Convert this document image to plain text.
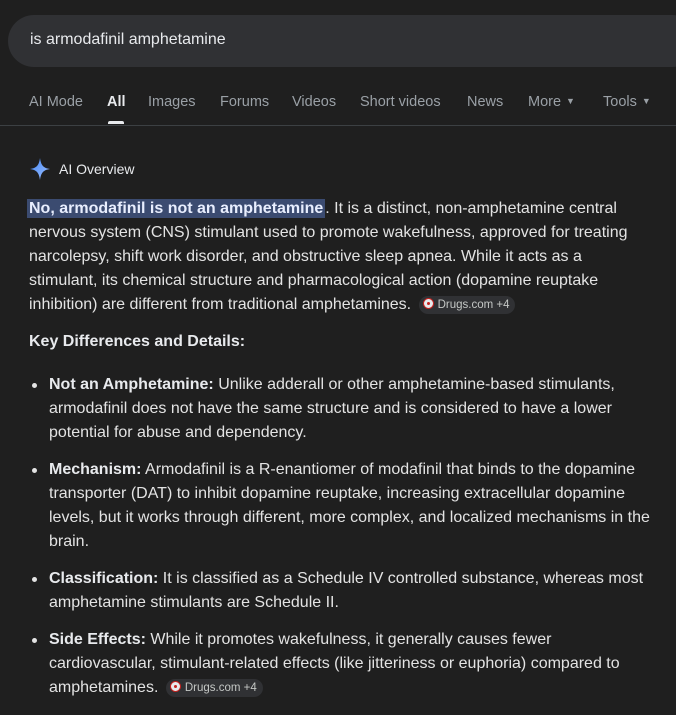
is armodafinil amphetamine
AI Mode All Images Forums Videos Short videos News More ▼ Tools ▼
AI Overview
No, armodafinil is not an amphetamine . It is a distinct, non-amphetamine central nervous system (CNS) stimulant used to promote wakefulness, approved for treating narcolepsy, shift work disorder, and obstructive sleep apnea. While it acts as a stimulant, its chemical structure and pharmacological action (dopamine reuptake inhibition) are different from traditional amphetamines. Drugs.com +4
Key Differences and Details:
Not an Amphetamine: Unlike adderall or other amphetamine-based stimulants, armodafinil does not have the same structure and is considered to have a lower potential for abuse and dependency.
Mechanism: Armodafinil is a R-enantiomer of modafinil that binds to the dopamine transporter (DAT) to inhibit dopamine reuptake, increasing extracellular dopamine levels, but it works through different, more complex, and localized mechanisms in the brain.
Classification: It is classified as a Schedule IV controlled substance, whereas most amphetamine stimulants are Schedule II.
Side Effects: While it promotes wakefulness, it generally causes fewer cardiovascular, stimulant-related effects (like jitteriness or euphoria) compared to amphetamines. Drugs.com +4
